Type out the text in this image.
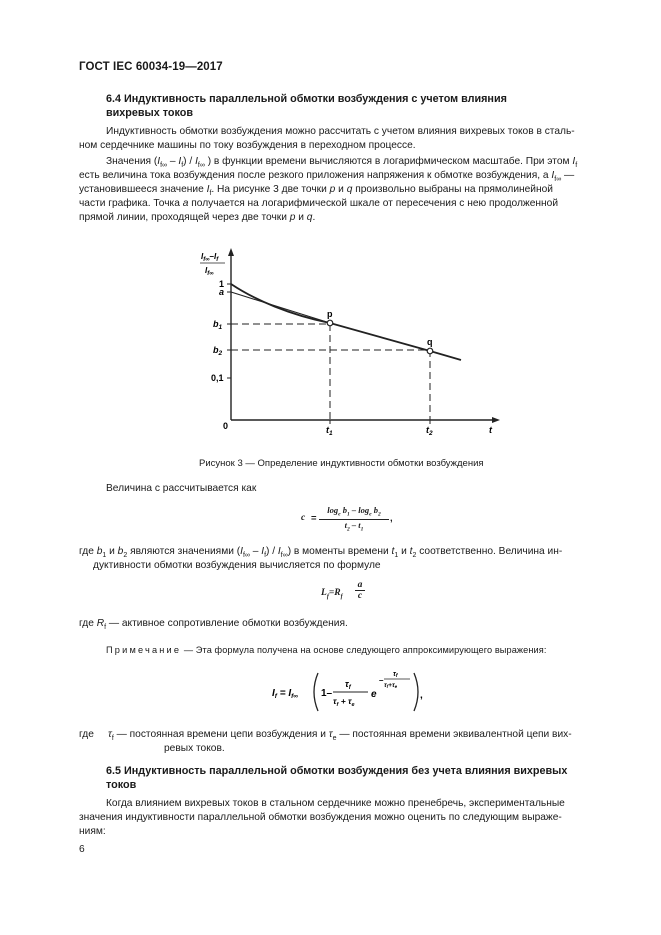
ГОСТ IEC 60034-19—2017
6.4 Индуктивность параллельной обмотки возбуждения с учетом влияния
вихревых токов
Индуктивность обмотки возбуждения можно рассчитать с учетом влияния вихревых токов в сталь-
ном сердечнике машины по току возбуждения в переходном процессе.
Значения $(I_{f\infty} - I_f) / I_{f\infty}$ ) в функции времени вычисляются в логарифмическом масштабе. При этом $I_f$
есть величина тока возбуждения после резкого приложения напряжения к обмотке возбуждения, а $I_{f\infty}$ —
установившееся значение $I_f$. На рисунке 3 две точки p и q произвольно выбраны на прямолинейной
части графика. Точка a получается на логарифмической шкале от пересечения с нею продолженной
прямой линии, проходящей через две точки p и q.
$I_{f\infty}-I_f$
$I_{f\infty}$
1
a
$b_1$
$b_2$
0,1
p
q
0	$t_1$	$t_2$	t
Рисунок 3 — Определение индуктивности обмотки возбуждения
Величина с рассчитывается как
c =
$\log_e b_1 - \log_e b_2$
$t_2 - t_1$
,
где $b_1$ и $b_2$ являются значениями $(I_{f\infty} - I_f) / I_{f\infty}$) в моменты времени $t_1$ и $t_2$ соответственно. Величина ин-
дуктивности обмотки возбуждения вычисляется по формуле
$L_f=R_f$
a
c
где $R_f$ — активное сопротивление обмотки возбуждения.
Примечание — Эта формула получена на основе следующего аппроксимирующего выражения:
$I_f = I_{f\infty}$ 1–
$\tau_f$
$\tau_f + \tau_e$
e
–
τf
τf+τe
,
где $\tau_f$ — постоянная времени цепи возбуждения и $\tau_e$ — постоянная времени эквивалентной цепи вих-
ревых токов.
6.5 Индуктивность параллельной обмотки возбуждения без учета влияния вихревых
токов
Когда влиянием вихревых токов в стальном сердечнике можно пренебречь, экспериментальные
значения индуктивности параллельной обмотки возбуждения можно оценить по следующим выраже-
ниям:
6
